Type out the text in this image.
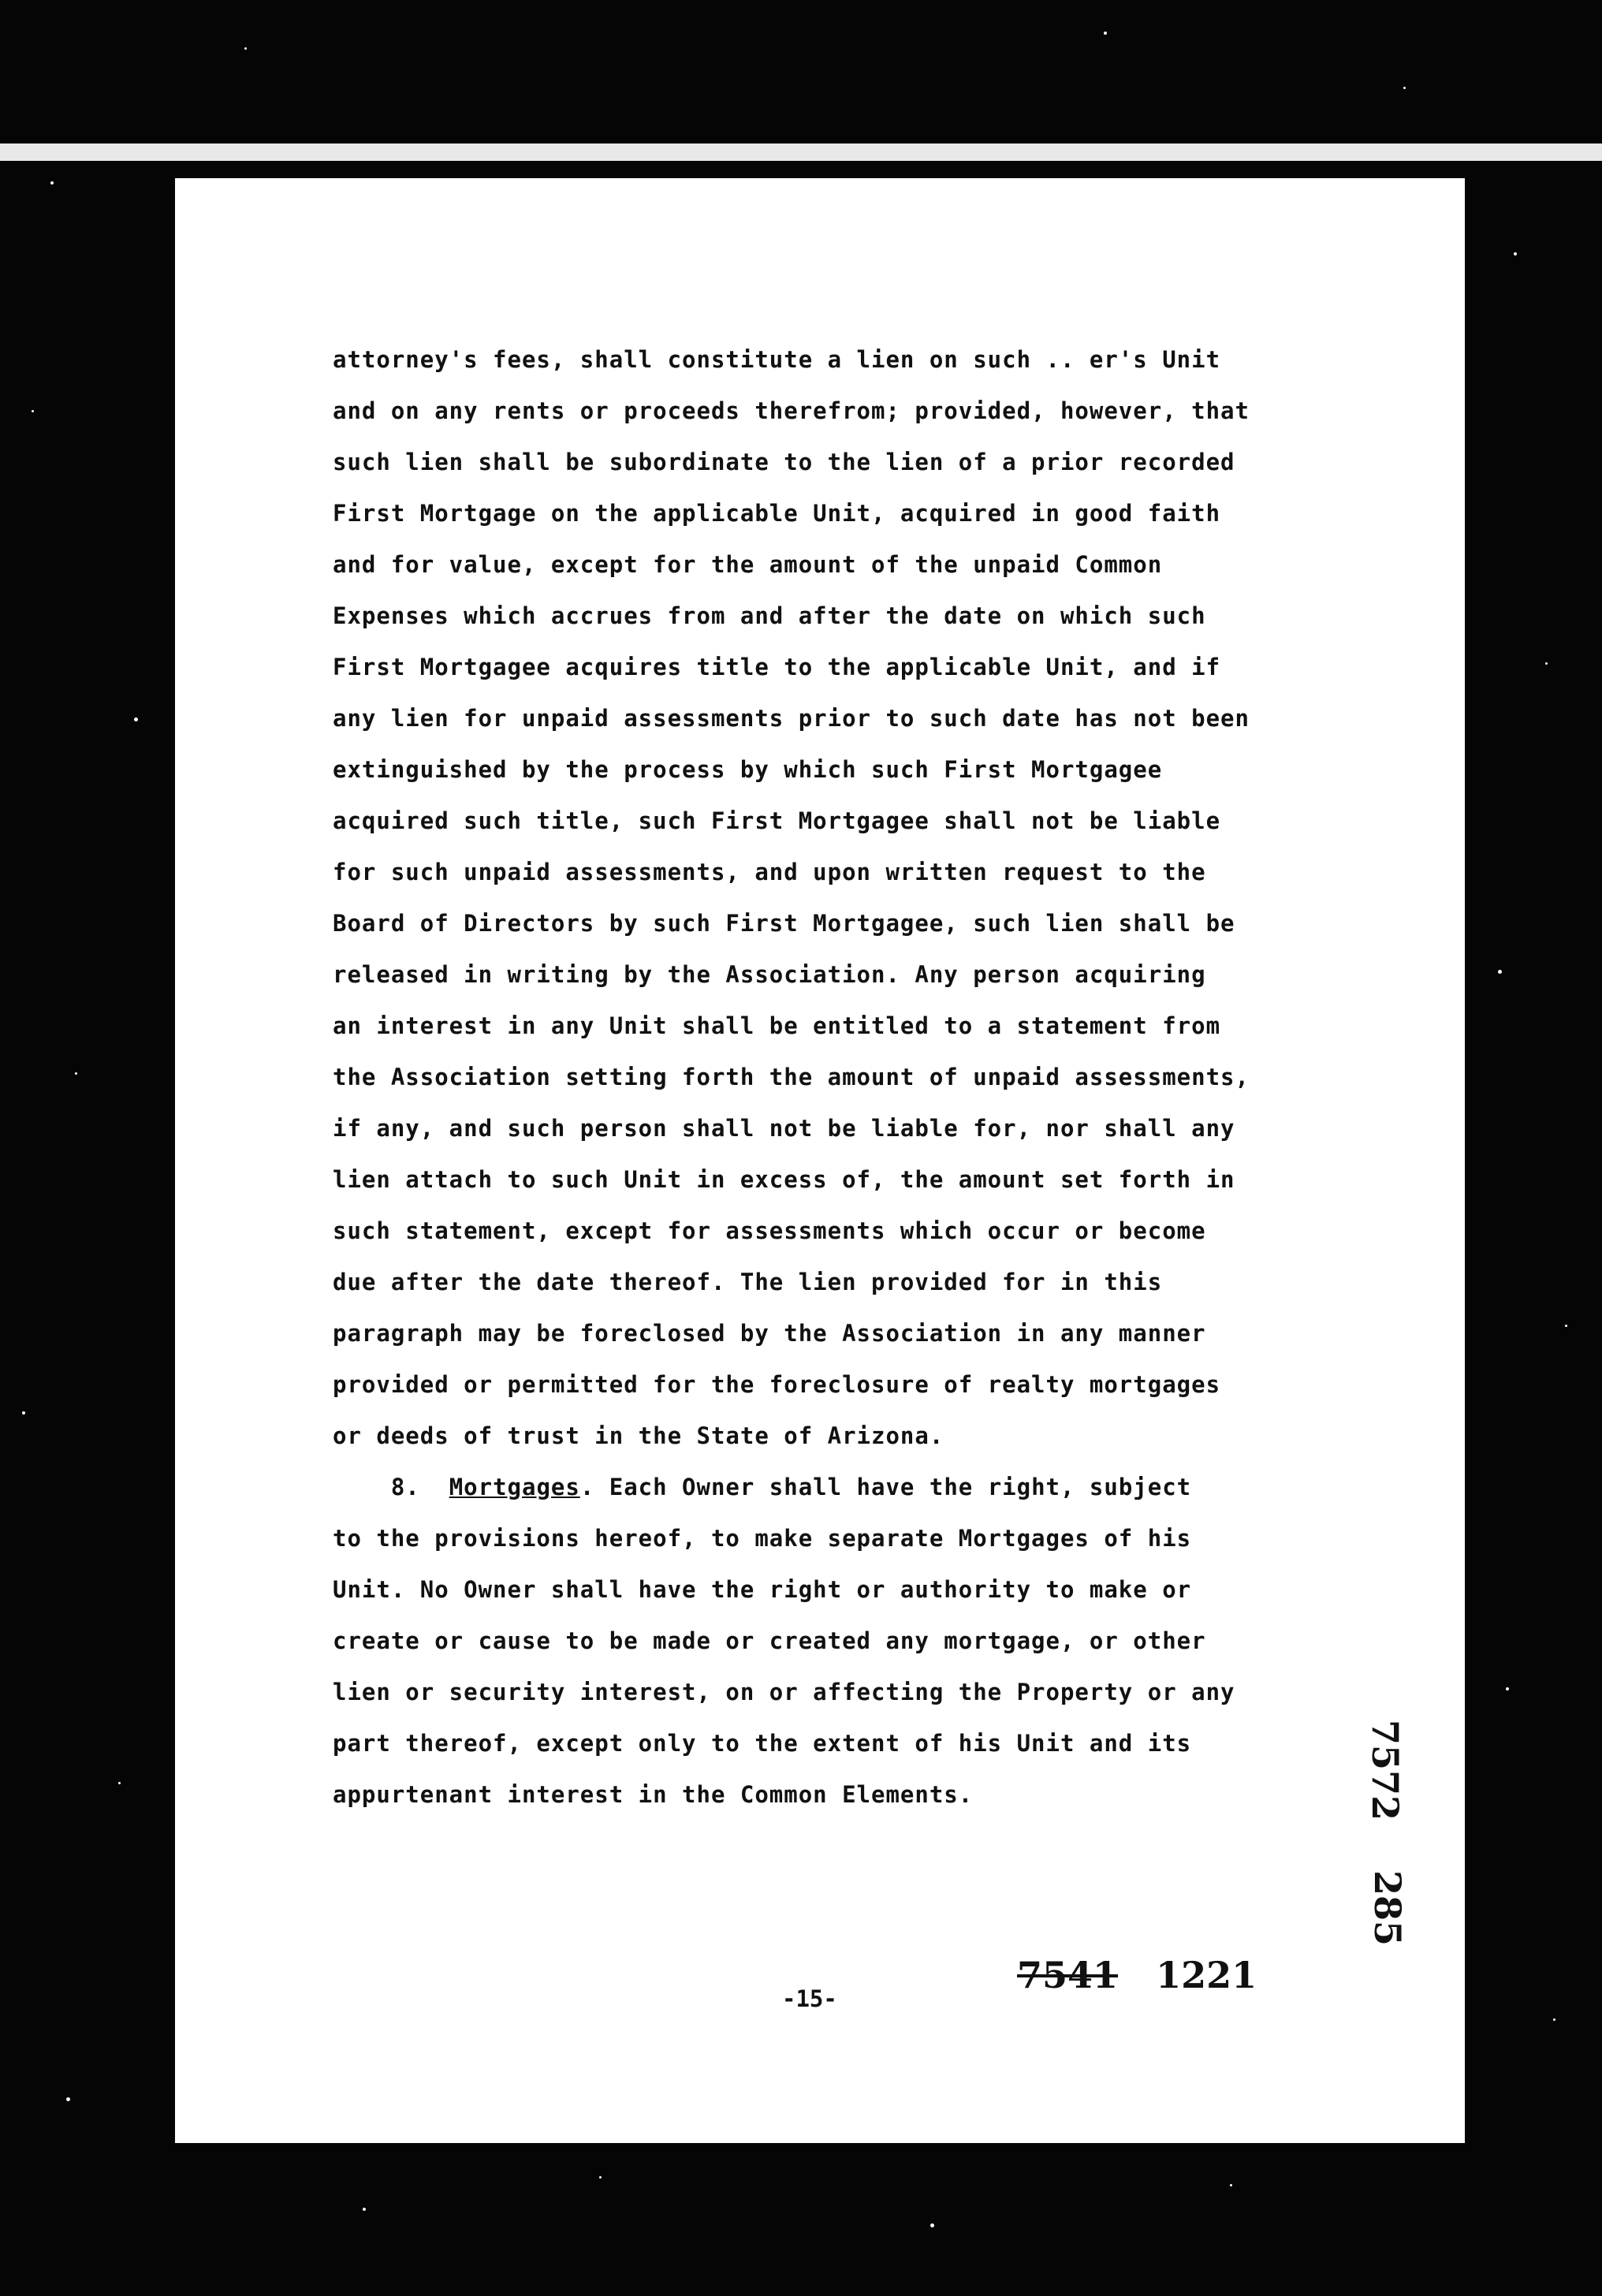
attorney's fees, shall constitute a lien on such .. er's Unit
and on any rents or proceeds therefrom; provided, however, that
such lien shall be subordinate to the lien of a prior recorded
First Mortgage on the applicable Unit, acquired in good faith
and for value, except for the amount of the unpaid Common
Expenses which accrues from and after the date on which such
First Mortgagee acquires title to the applicable Unit, and if
any lien for unpaid assessments prior to such date has not been
extinguished by the process by which such First Mortgagee
acquired such title, such First Mortgagee shall not be liable
for such unpaid assessments, and upon written request to the
Board of Directors by such First Mortgagee, such lien shall be
released in writing by the Association. Any person acquiring
an interest in any Unit shall be entitled to a statement from
the Association setting forth the amount of unpaid assessments,
if any, and such person shall not be liable for, nor shall any
lien attach to such Unit in excess of, the amount set forth in
such statement, except for assessments which occur or become
due after the date thereof. The lien provided for in this
paragraph may be foreclosed by the Association in any manner
provided or permitted for the foreclosure of realty mortgages
or deeds of trust in the State of Arizona.
8. Mortgages. Each Owner shall have the right, subject
to the provisions hereof, to make separate Mortgages of his
Unit. No Owner shall have the right or authority to make or
create or cause to be made or created any mortgage, or other
lien or security interest, on or affecting the Property or any
part thereof, except only to the extent of his Unit and its
appurtenant interest in the Common Elements.	7572
285
-15-
7541 1221
